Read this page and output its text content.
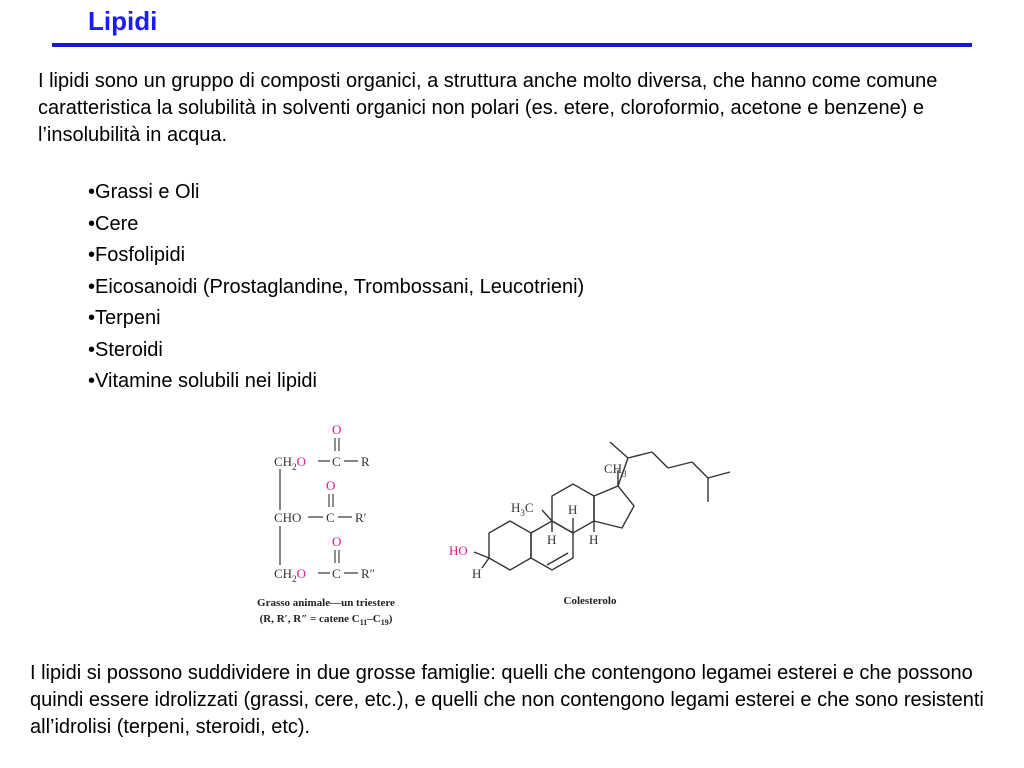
Lipidi
I lipidi sono un gruppo di composti organici, a struttura anche molto diversa, che hanno come comune caratteristica la solubilità in solventi organici non polari (es. etere, cloroformio, acetone e benzene) e l’insolubilità in acqua.
• Grassi e Oli
• Cere
• Fosfolipidi
• Eicosanoidi (Prostaglandine, Trombossani, Leucotrieni)
• Terpeni
• Steroidi
• Vitamine solubili nei lipidi
$CH_2O$ C R
O
CHO C R′
O
$CH_2O$ C R″
O
Grasso animale—un triestere
(R, R′, R″ = catene $C_{11}-C_{19}$)
HO
H
$CH_3$
$H_3C$	H
H	H
Colesterolo
I lipidi si possono suddividere in due grosse famiglie: quelli che contengono legamei esterei e che possono quindi essere idrolizzati (grassi, cere, etc.), e quelli che non contengono legami esterei e che sono resistenti all’idrolisi (terpeni, steroidi, etc).
